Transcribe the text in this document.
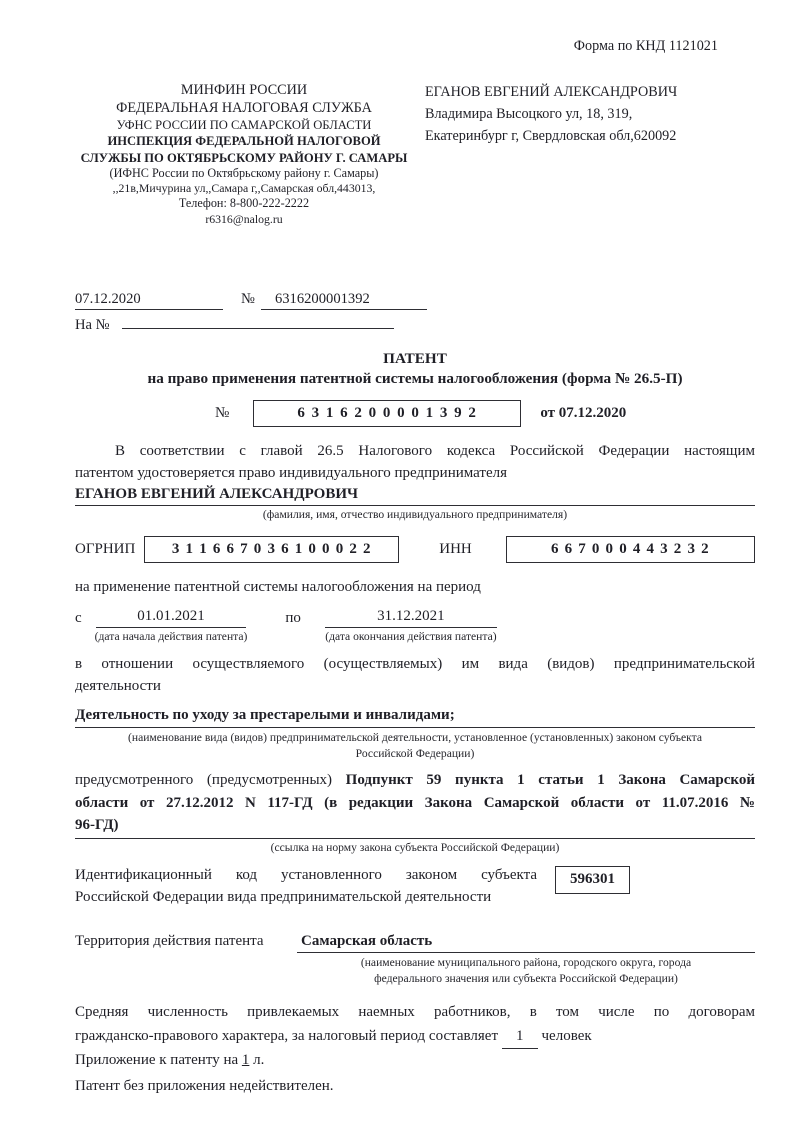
Форма по КНД 1121021
МИНФИН РОССИИ
ФЕДЕРАЛЬНАЯ НАЛОГОВАЯ СЛУЖБА
УФНС РОССИИ ПО САМАРСКОЙ ОБЛАСТИ
ИНСПЕКЦИЯ ФЕДЕРАЛЬНОЙ НАЛОГОВОЙ
СЛУЖБЫ ПО ОКТЯБРЬСКОМУ РАЙОНУ Г. САМАРЫ
(ИФНС России по Октябрьскому району г. Самары)
,,21в,Мичурина ул,,Самара г,,Самарская обл,443013,
Телефон: 8-800-222-2222
r6316@nalog.ru
ЕГАНОВ ЕВГЕНИЙ АЛЕКСАНДРОВИЧ
Владимира Высоцкого ул, 18, 319,
Екатеринбург г, Свердловская обл,620092
07.12.2020	№	6316200001392
На №
ПАТЕНТ
на право применения патентной системы налогообложения (форма № 26.5-П)
№	6 3 1 6 2 0 0 0 0 1 3 9 2	от 07.12.2020
В соответствии с главой 26.5 Налогового кодекса Российской Федерации настоящим
патентом удостоверяется право индивидуального предпринимателя
ЕГАНОВ ЕВГЕНИЙ АЛЕКСАНДРОВИЧ
(фамилия, имя, отчество индивидуального предпринимателя)
ОГРНИП	3 1 1 6 6 7 0 3 6 1 0 0 0 2 2	ИНН	6 6 7 0 0 0 4 4 3 2 3 2
на применение патентной системы налогообложения на период
с	01.01.2021
(дата начала действия патента)
по	31.12.2021
(дата окончания действия патента)
в отношении осуществляемого (осуществляемых) им вида (видов) предпринимательской
деятельности
Деятельность по уходу за престарелыми и инвалидами;
(наименование вида (видов) предпринимательской деятельности, установленное (установленных) законом субъекта
Российской Федерации)
предусмотренного (предусмотренных) Подпункт 59 пункта 1 статьи 1 Закона Самарской
области от 27.12.2012 N 117-ГД (в редакции Закона Самарской области от 11.07.2016 №
96-ГД)
(ссылка на норму закона субъекта Российской Федерации)
Идентификационный код установленного законом субъекта
Российской Федерации вида предпринимательской деятельности
596301
Территория действия патента	Самарская область
(наименование муниципального района, городского округа, города
федерального значения или субъекта Российской Федерации)
Средняя численность привлекаемых наемных работников, в том числе по договорам
гражданско-правового характера, за налоговый период составляет 1 человек
Приложение к патенту на 1 л.
Патент без приложения недействителен.
